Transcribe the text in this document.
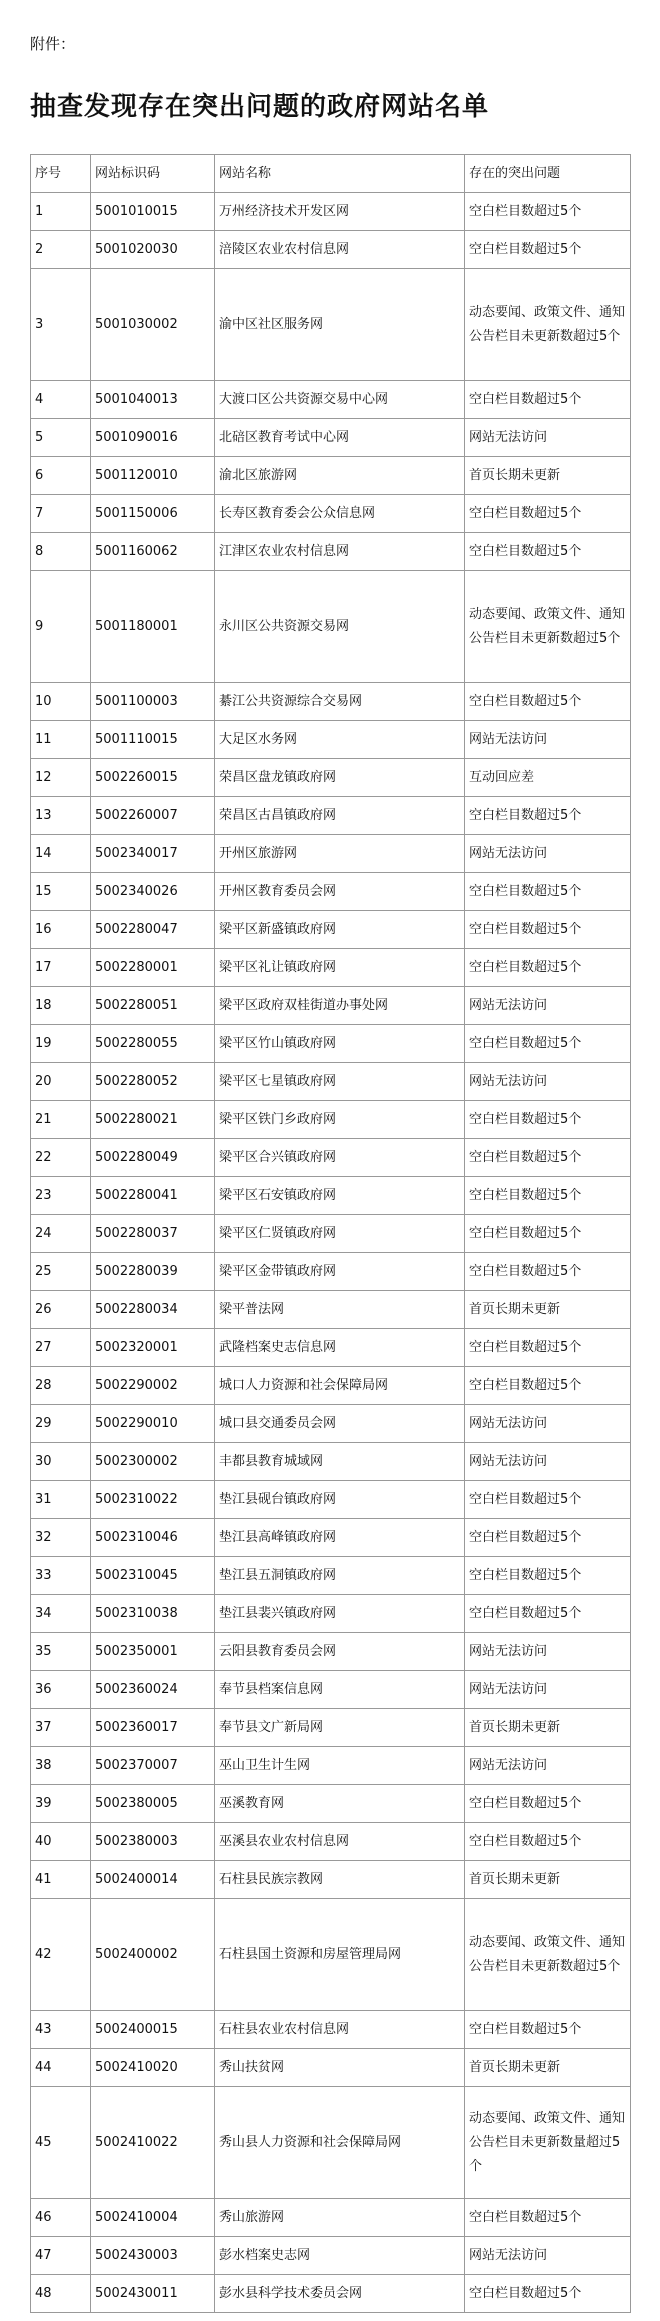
附件：
抽查发现存在突出问题的政府网站名单
序号	网站标识码	网站名称	存在的突出问题
1	5001010015	万州经济技术开发区网	空白栏目数超过5个
2	5001020030	涪陵区农业农村信息网	空白栏目数超过5个
3	5001030002	渝中区社区服务网	动态要闻、政策文件、通知公告栏目未更新数超过5个
4	5001040013	大渡口区公共资源交易中心网	空白栏目数超过5个
5	5001090016	北碚区教育考试中心网	网站无法访问
6	5001120010	渝北区旅游网	首页长期未更新
7	5001150006	长寿区教育委会公众信息网	空白栏目数超过5个
8	5001160062	江津区农业农村信息网	空白栏目数超过5个
9	5001180001	永川区公共资源交易网	动态要闻、政策文件、通知公告栏目未更新数超过5个
10	5001100003	綦江公共资源综合交易网	空白栏目数超过5个
11	5001110015	大足区水务网	网站无法访问
12	5002260015	荣昌区盘龙镇政府网	互动回应差
13	5002260007	荣昌区古昌镇政府网	空白栏目数超过5个
14	5002340017	开州区旅游网	网站无法访问
15	5002340026	开州区教育委员会网	空白栏目数超过5个
16	5002280047	梁平区新盛镇政府网	空白栏目数超过5个
17	5002280001	梁平区礼让镇政府网	空白栏目数超过5个
18	5002280051	梁平区政府双桂街道办事处网	网站无法访问
19	5002280055	梁平区竹山镇政府网	空白栏目数超过5个
20	5002280052	梁平区七星镇政府网	网站无法访问
21	5002280021	梁平区铁门乡政府网	空白栏目数超过5个
22	5002280049	梁平区合兴镇政府网	空白栏目数超过5个
23	5002280041	梁平区石安镇政府网	空白栏目数超过5个
24	5002280037	梁平区仁贤镇政府网	空白栏目数超过5个
25	5002280039	梁平区金带镇政府网	空白栏目数超过5个
26	5002280034	梁平普法网	首页长期未更新
27	5002320001	武隆档案史志信息网	空白栏目数超过5个
28	5002290002	城口人力资源和社会保障局网	空白栏目数超过5个
29	5002290010	城口县交通委员会网	网站无法访问
30	5002300002	丰都县教育城域网	网站无法访问
31	5002310022	垫江县砚台镇政府网	空白栏目数超过5个
32	5002310046	垫江县高峰镇政府网	空白栏目数超过5个
33	5002310045	垫江县五洞镇政府网	空白栏目数超过5个
34	5002310038	垫江县裴兴镇政府网	空白栏目数超过5个
35	5002350001	云阳县教育委员会网	网站无法访问
36	5002360024	奉节县档案信息网	网站无法访问
37	5002360017	奉节县文广新局网	首页长期未更新
38	5002370007	巫山卫生计生网	网站无法访问
39	5002380005	巫溪教育网	空白栏目数超过5个
40	5002380003	巫溪县农业农村信息网	空白栏目数超过5个
41	5002400014	石柱县民族宗教网	首页长期未更新
42	5002400002	石柱县国土资源和房屋管理局网	动态要闻、政策文件、通知公告栏目未更新数超过5个
43	5002400015	石柱县农业农村信息网	空白栏目数超过5个
44	5002410020	秀山扶贫网	首页长期未更新
45	5002410022	秀山县人力资源和社会保障局网	动态要闻、政策文件、通知公告栏目未更新数量超过5个
46	5002410004	秀山旅游网	空白栏目数超过5个
47	5002430003	彭水档案史志网	网站无法访问
48	5002430011	彭水县科学技术委员会网	空白栏目数超过5个
